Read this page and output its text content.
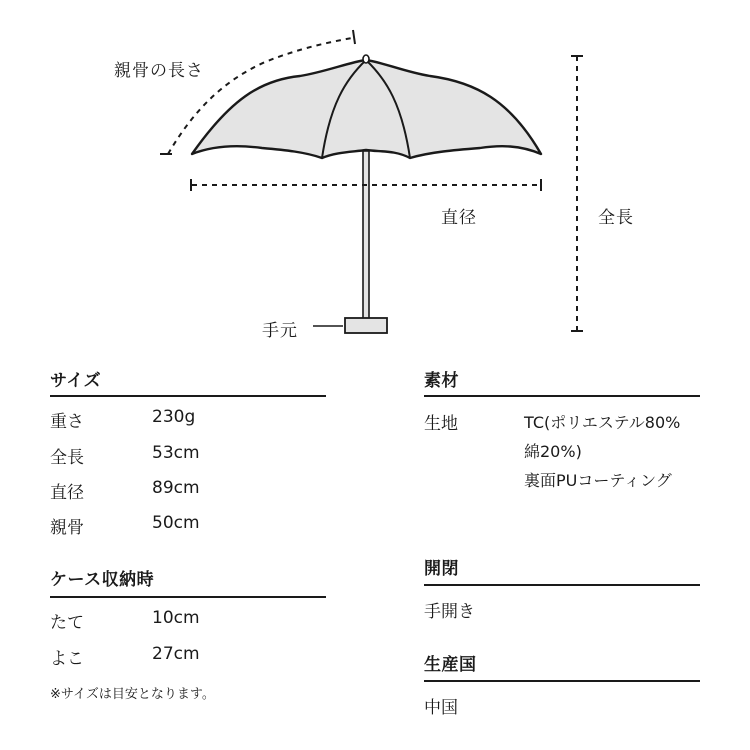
親骨の長さ
直径	全長
手元
サイズ
重さ	230g
全長	53cm
直径	89cm
親骨	50cm
ケース収納時
たて	10cm
よこ	27cm
※サイズは目安となります。
素材
生地	TC(ポリエステル80%
綿20%)
裏面PUコーティング
開閉
手開き
生産国
中国
